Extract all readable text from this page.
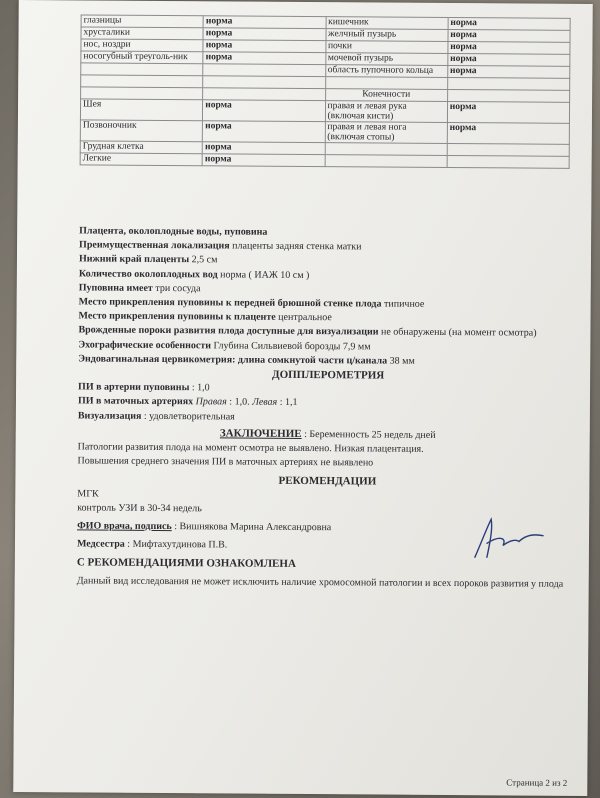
глазницы	норма	кишечник	норма
хрусталики	норма	желчный пузырь	норма
нос, ноздри	норма	почки	норма
носогубный треуголь-ник	норма	мочевой пузырь	норма
		область пупочного кольца	норма

		Конечности	
Шея	норма	правая и левая рука (включая кисти)	норма
Позвоночник	норма	правая и левая нога (включая стопы)	норма
Грудная клетка	норма		
Легкие	норма		

Плацента, околоплодные воды, пуповина

Преимущественная локализация плаценты задняя стенка матки

Нижний край плаценты 2,5 см

Количество околоплодных вод норма ( ИАЖ 10 см )

Пуповина имеет три сосуда

Место прикрепления пуповины к передней брюшной стенке плода типичное

Место прикрепления пуповины к плаценте центральное

Врожденные пороки развития плода доступные для визуализации не обнаружены (на момент осмотра)

Эхографические особенности Глубина Сильвиевой борозды 7,9 мм

Эндовагинальная цервикометрия: длина сомкнутой части ц/канала 38 мм

ДОППЛЕРОМЕТРИЯ

ПИ в артерии пуповины : 1,0

ПИ в маточных артериях Правая : 1,0. Левая : 1,1

Визуализация : удовлетворительная

ЗАКЛЮЧЕНИЕ : Беременность 25 недель дней

Патологии развития плода на момент осмотра не выявлено. Низкая плацентация.

Повышения среднего значения ПИ в маточных артериях не выявлено

РЕКОМЕНДАЦИИ

МГК

контроль УЗИ в 30-34 недель

ФИО врача, подпись : Вишнякова Марина Александровна

Медсестра : Мифтахутдинова П.В.

С РЕКОМЕНДАЦИЯМИ ОЗНАКОМЛЕНА

Данный вид исследования не может исключить наличие хромосомной патологии и всех пороков развития у плода

Страница 2 из 2
